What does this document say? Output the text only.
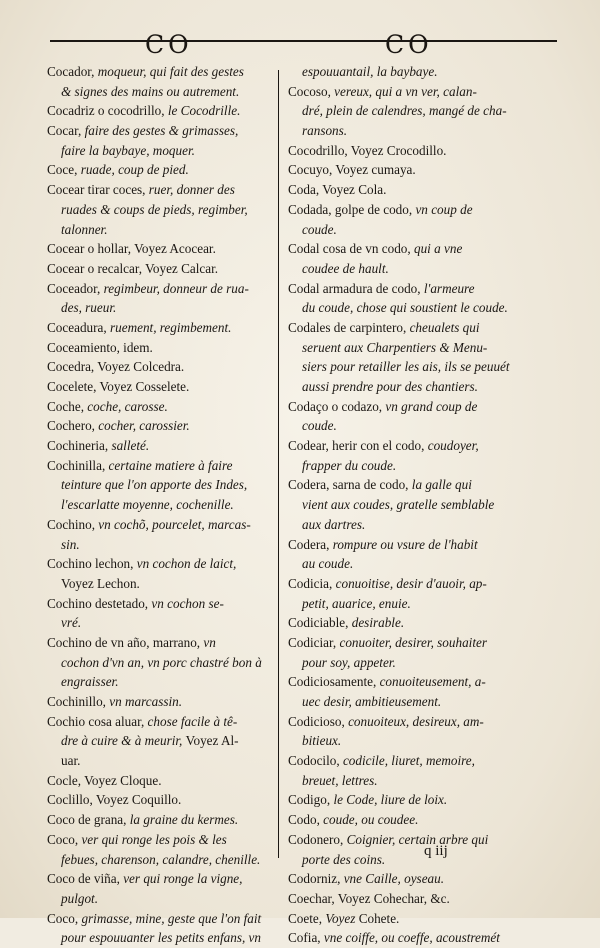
CO	CO
Cocador, moqueur, qui fait des gestes
& signes des mains ou autrement.
Cocadriz o cocodrillo, le Cocodrille.
Cocar, faire des gestes & grimasses,
faire la baybaye, moquer.
Coce, ruade, coup de pied.
Cocear tirar coces, ruer, donner des
ruades & coups de pieds, regimber,
talonner.
Cocear o hollar, Voyez Acocear.
Cocear o recalcar, Voyez Calcar.
Coceador, regimbeur, donneur de rua-
des, rueur.
Coceadura, ruement, regimbement.
Coceamiento, idem.
Cocedra, Voyez Colcedra.
Cocelete, Voyez Cosselete.
Coche, coche, carosse.
Cochero, cocher, carossier.
Cochineria, salleté.
Cochinilla, certaine matiere à faire
teinture que l'on apporte des Indes,
l'escarlatte moyenne, cochenille.
Cochino, vn cochõ, pourcelet, marcas-
sin.
Cochino lechon, vn cochon de laict,
Voyez Lechon.
Cochino destetado, vn cochon se-
vré.
Cochino de vn año, marrano, vn
cochon d'vn an, vn porc chastré bon à
engraisser.
Cochinillo, vn marcassin.
Cochio cosa aluar, chose facile à tê-
dre à cuire & à meurir, Voyez Al-
uar.
Cocle, Voyez Cloque.
Coclillo, Voyez Coquillo.
Coco de grana, la graine du kermes.
Coco, ver qui ronge les pois & les
febues, charenson, calandre, chenille.
Coco de viña, ver qui ronge la vigne,
pulgot.
Coco, grimasse, mine, geste que l'on fait
pour espouuanter les petits enfans, vn
espouuantail, la baybaye.
Cocoso, vereux, qui a vn ver, calan-
dré, plein de calendres, mangé de cha-
ransons.
Cocodrillo, Voyez Crocodillo.
Cocuyo, Voyez cumaya.
Coda, Voyez Cola.
Codada, golpe de codo, vn coup de
coude.
Codal cosa de vn codo, qui a vne
coudee de hault.
Codal armadura de codo, l'armeure
du coude, chose qui soustient le coude.
Codales de carpintero, cheualets qui
seruent aux Charpentiers & Menu-
siers pour retailler les ais, ils se peuuét
aussi prendre pour des chantiers.
Codaço o codazo, vn grand coup de
coude.
Codear, herir con el codo, coudoyer,
frapper du coude.
Codera, sarna de codo, la galle qui
vient aux coudes, gratelle semblable
aux dartres.
Codera, rompure ou vsure de l'habit
au coude.
Codicia, conuoitise, desir d'auoir, ap-
petit, auarice, enuie.
Codiciable, desirable.
Codiciar, conuoiter, desirer, souhaiter
pour soy, appeter.
Codiciosamente, conuoiteusement, a-
uec desir, ambitieusement.
Codicioso, conuoiteux, desireux, am-
bitieux.
Codocilo, codicile, liuret, memoire,
breuet, lettres.
Codigo, le Code, liure de loix.
Codo, coude, ou coudee.
Codonero, Coignier, certain arbre qui
porte des coins.
Codorniz, vne Caille, oyseau.
Coechar, Voyez Cohechar, &c.
Coete, Voyez Cohete.
Cofia, vne coiffe, ou coeffe, acoustremét
q iij
